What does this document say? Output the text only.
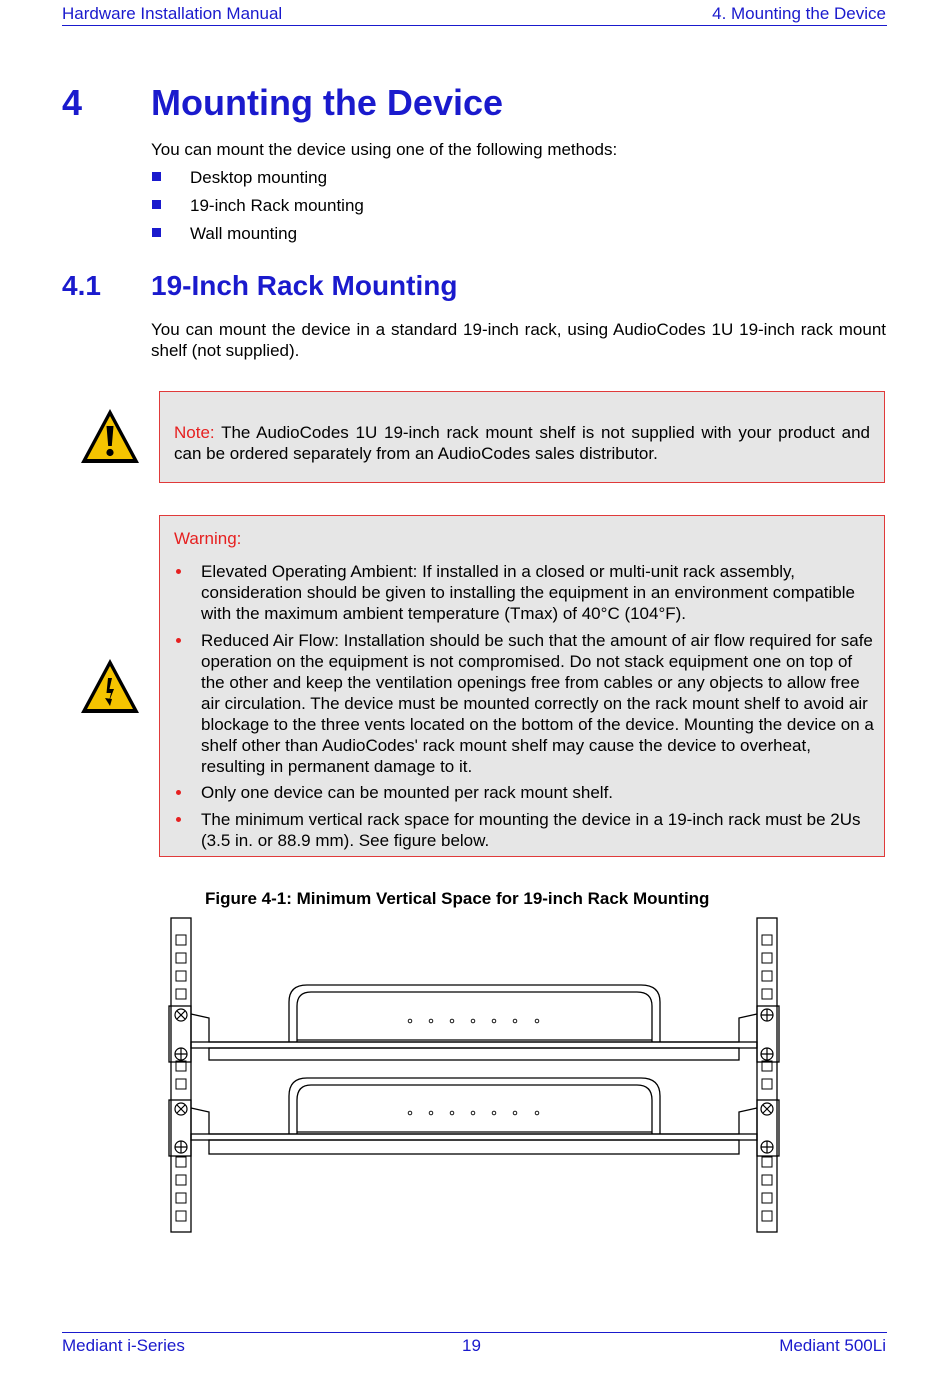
Hardware Installation Manual	4. Mounting the Device
4 Mounting the Device
You can mount the device using one of the following methods:
Desktop mounting
19-inch Rack mounting
Wall mounting
4.1 19-Inch Rack Mounting
You can mount the device in a standard 19-inch rack, using AudioCodes 1U 19-inch rack mount shelf (not supplied).
Note: The AudioCodes 1U 19-inch rack mount shelf is not supplied with your product and can be ordered separately from an AudioCodes sales distributor.
Warning:
Elevated Operating Ambient: If installed in a closed or multi-unit rack assembly, consideration should be given to installing the equipment in an environment compatible with the maximum ambient temperature (Tmax) of 40°C (104°F).
Reduced Air Flow: Installation should be such that the amount of air flow required for safe operation on the equipment is not compromised. Do not stack equipment one on top of the other and keep the ventilation openings free from cables or any objects to allow free air circulation. The device must be mounted correctly on the rack mount shelf to avoid air blockage to the three vents located on the bottom of the device. Mounting the device on a shelf other than AudioCodes' rack mount shelf may cause the device to overheat, resulting in permanent damage to it.
Only one device can be mounted per rack mount shelf.
The minimum vertical rack space for mounting the device in a 19-inch rack must be 2Us (3.5 in. or 88.9 mm). See figure below.
Figure 4-1: Minimum Vertical Space for 19-inch Rack Mounting
Mediant i-Series	19	Mediant 500Li
